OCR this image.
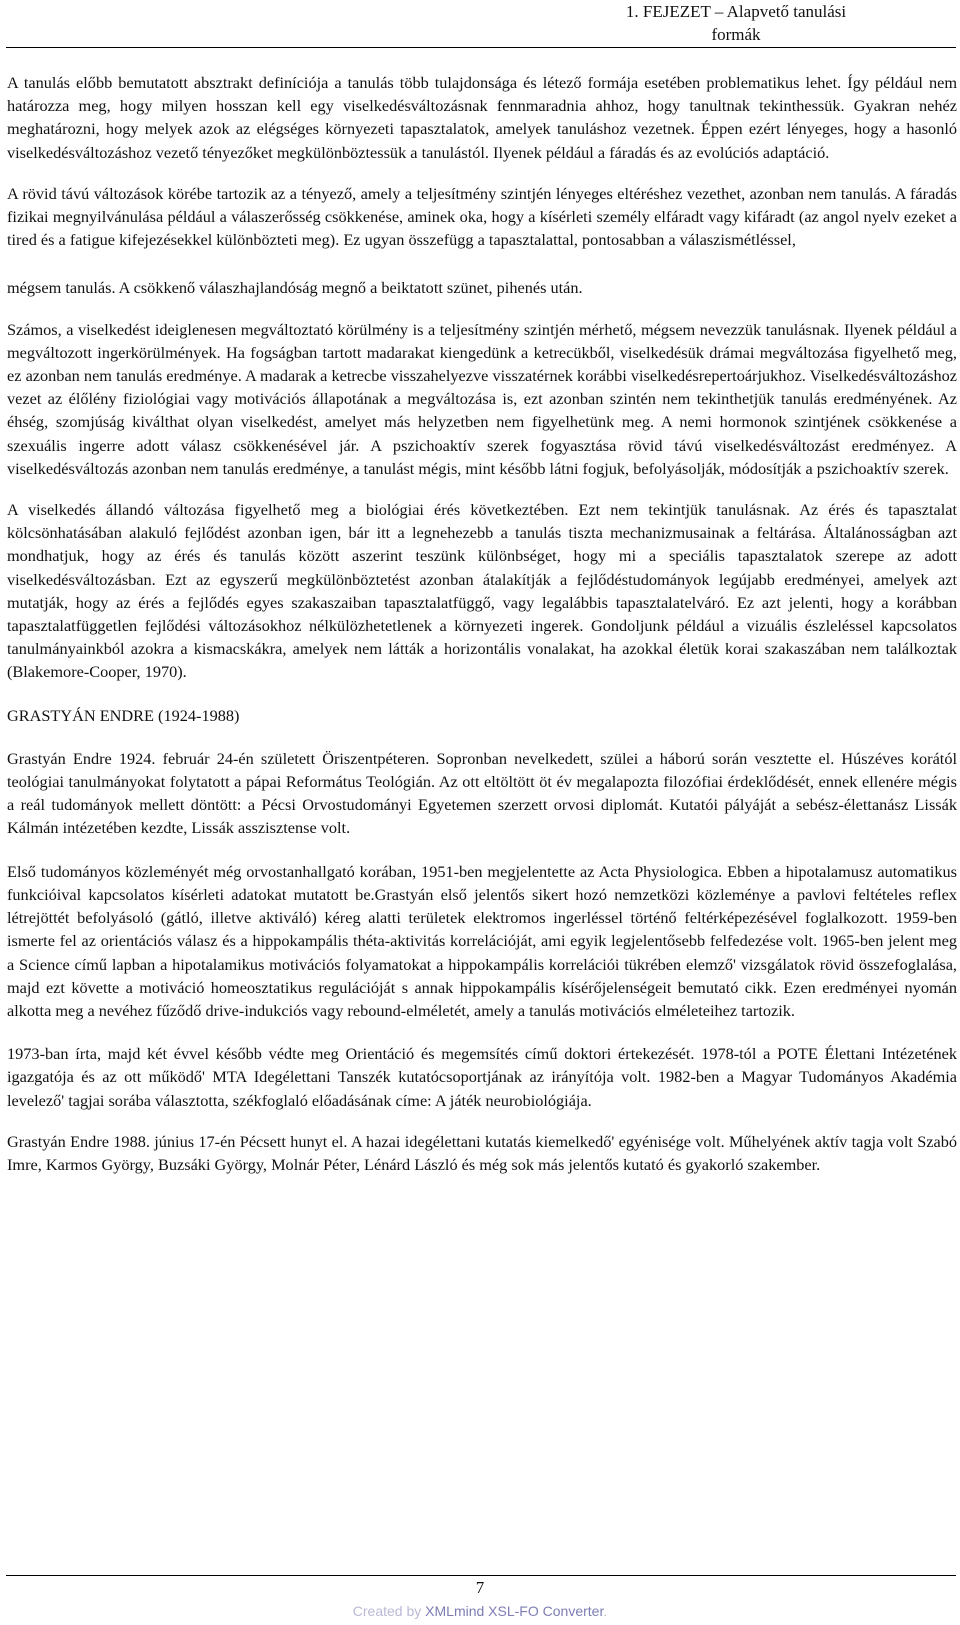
1. FEJEZET – Alapvető tanulási
formák

A tanulás előbb bemutatott absztrakt definíciója a tanulás több tulajdonsága és létező formája esetében problematikus lehet. Így például nem határozza meg, hogy milyen hosszan kell egy viselkedésváltozásnak fennmaradnia ahhoz, hogy tanultnak tekinthessük. Gyakran nehéz meghatározni, hogy melyek azok az elégséges környezeti tapasztalatok, amelyek tanuláshoz vezetnek. Éppen ezért lényeges, hogy a hasonló viselkedésváltozáshoz vezető tényezőket megkülönböztessük a tanulástól. Ilyenek például a fáradás és az evolúciós adaptáció.

A rövid távú változások körébe tartozik az a tényező, amely a teljesítmény szintjén lényeges eltéréshez vezethet, azonban nem tanulás. A fáradás fizikai megnyilvánulása például a válaszerősség csökkenése, aminek oka, hogy a kísérleti személy elfáradt vagy kifáradt (az angol nyelv ezeket a tired és a fatigue kifejezésekkel különbözteti meg). Ez ugyan összefügg a tapasztalattal, pontosabban a válaszismétléssel,

mégsem tanulás. A csökkenő válaszhajlandóság megnő a beiktatott szünet, pihenés után.

Számos, a viselkedést ideiglenesen megváltoztató körülmény is a teljesítmény szintjén mérhető, mégsem nevezzük tanulásnak. Ilyenek például a megváltozott ingerkörülmények. Ha fogságban tartott madarakat kiengedünk a ketrecükből, viselkedésük drámai megváltozása figyelhető meg, ez azonban nem tanulás eredménye. A madarak a ketrecbe visszahelyezve visszatérnek korábbi viselkedésrepertoárjukhoz. Viselkedésváltozáshoz vezet az élőlény fiziológiai vagy motivációs állapotának a megváltozása is, ezt azonban szintén nem tekinthetjük tanulás eredményének. Az éhség, szomjúság kiválthat olyan viselkedést, amelyet más helyzetben nem figyelhetünk meg. A nemi hormonok szintjének csökkenése a szexuális ingerre adott válasz csökkenésével jár. A pszichoaktív szerek fogyasztása rövid távú viselkedésváltozást eredményez. A viselkedésváltozás azonban nem tanulás eredménye, a tanulást mégis, mint később látni fogjuk, befolyásolják, módosítják a pszichoaktív szerek.

A viselkedés állandó változása figyelhető meg a biológiai érés következtében. Ezt nem tekintjük tanulásnak. Az érés és tapasztalat kölcsönhatásában alakuló fejlődést azonban igen, bár itt a legnehezebb a tanulás tiszta mechanizmusainak a feltárása. Általánosságban azt mondhatjuk, hogy az érés és tanulás között aszerint teszünk különbséget, hogy mi a speciális tapasztalatok szerepe az adott viselkedésváltozásban. Ezt az egyszerű megkülönböztetést azonban átalakítják a fejlődéstudományok legújabb eredményei, amelyek azt mutatják, hogy az érés a fejlődés egyes szakaszaiban tapasztalatfüggő, vagy legalábbis tapasztalatelváró. Ez azt jelenti, hogy a korábban tapasztalatfüggetlen fejlődési változásokhoz nélkülözhetetlenek a környezeti ingerek. Gondoljunk például a vizuális észleléssel kapcsolatos tanulmányainkból azokra a kismacskákra, amelyek nem látták a horizontális vonalakat, ha azokkal életük korai szakaszában nem találkoztak (Blakemore-Cooper, 1970).

GRASTYÁN ENDRE (1924-1988)

Grastyán Endre 1924. február 24-én született Öriszentpéteren. Sopronban nevelkedett, szülei a háború során vesztette el. Húszéves korától teológiai tanulmányokat folytatott a pápai Református Teológián. Az ott eltöltött öt év megalapozta filozófiai érdeklődését, ennek ellenére mégis a reál tudományok mellett döntött: a Pécsi Orvostudományi Egyetemen szerzett orvosi diplomát. Kutatói pályáját a sebész-élettanász Lissák Kálmán intézetében kezdte, Lissák asszisztense volt.

Első tudományos közleményét még orvostanhallgató korában, 1951-ben megjelentette az Acta Physiologica. Ebben a hipotalamusz automatikus funkcióival kapcsolatos kísérleti adatokat mutatott be.Grastyán első jelentős sikert hozó nemzetközi közleménye a pavlovi feltételes reflex létrejöttét befolyásoló (gátló, illetve aktiváló) kéreg alatti területek elektromos ingerléssel történő feltérképezésével foglalkozott. 1959-ben ismerte fel az orientációs válasz és a hippokampális théta-aktivitás korrelációját, ami egyik legjelentősebb felfedezése volt. 1965-ben jelent meg a Science című lapban a hipotalamikus motivációs folyamatokat a hippokampális korrelációi tükrében elemző' vizsgálatok rövid összefoglalása, majd ezt követte a motiváció homeosztatikus regulációját s annak hippokampális kísérőjelenségeit bemutató cikk. Ezen eredményei nyomán alkotta meg a nevéhez fűződő drive-indukciós vagy rebound-elméletét, amely a tanulás motivációs elméleteihez tartozik.

1973-ban írta, majd két évvel később védte meg Orientáció és megemsítés című doktori értekezését. 1978-tól a POTE Élettani Intézetének igazgatója és az ott működő' MTA Idegélettani Tanszék kutatócsoportjának az irányítója volt. 1982-ben a Magyar Tudományos Akadémia levelező' tagjai sorába választotta, székfoglaló előadásának címe: A játék neurobiológiája.

Grastyán Endre 1988. június 17-én Pécsett hunyt el. A hazai idegélettani kutatás kiemelkedő' egyénisége volt. Műhelyének aktív tagja volt Szabó Imre, Karmos György, Buzsáki György, Molnár Péter, Lénárd László és még sok más jelentős kutató és gyakorló szakember.

7
Created by XMLmind XSL-FO Converter.
